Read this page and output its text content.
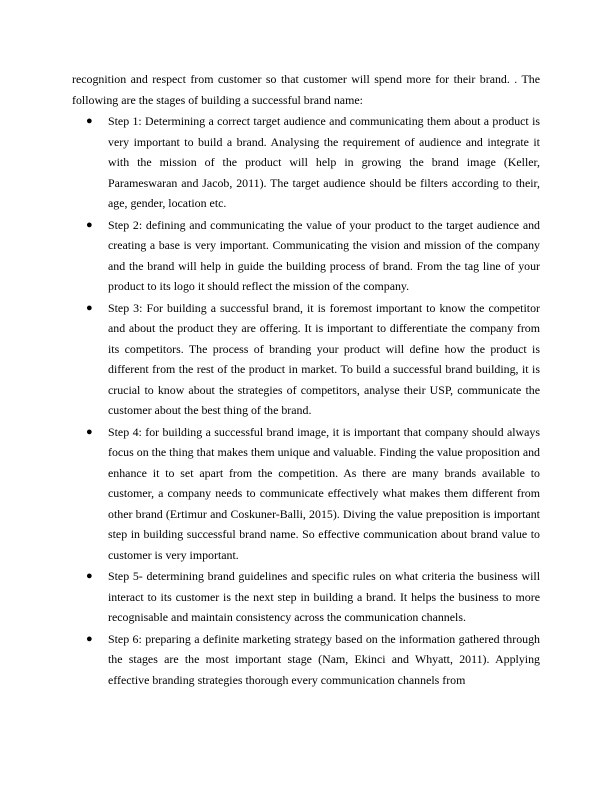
recognition and respect from customer so that customer will spend more for their brand. . The following are the stages of building a successful brand name:

● Step 1: Determining a correct target audience and communicating them about a product is very important to build a brand. Analysing the requirement of audience and integrate it with the mission of the product will help in growing the brand image (Keller, Parameswaran and Jacob, 2011). The target audience should be filters according to their, age, gender, location etc.
● Step 2: defining and communicating the value of your product to the target audience and creating a base is very important. Communicating the vision and mission of the company and the brand will help in guide the building process of brand. From the tag line of your product to its logo it should reflect the mission of the company.
● Step 3: For building a successful brand, it is foremost important to know the competitor and about the product they are offering. It is important to differentiate the company from its competitors. The process of branding your product will define how the product is different from the rest of the product in market. To build a successful brand building, it is crucial to know about the strategies of competitors, analyse their USP, communicate the customer about the best thing of the brand.
● Step 4: for building a successful brand image, it is important that company should always focus on the thing that makes them unique and valuable. Finding the value proposition and enhance it to set apart from the competition. As there are many brands available to customer, a company needs to communicate effectively what makes them different from other brand (Ertimur and Coskuner-Balli, 2015). Diving the value preposition is important step in building successful brand name. So effective communication about brand value to customer is very important.
● Step 5- determining brand guidelines and specific rules on what criteria the business will interact to its customer is the next step in building a brand. It helps the business to more recognisable and maintain consistency across the communication channels.
● Step 6: preparing a definite marketing strategy based on the information gathered through the stages are the most important stage (Nam, Ekinci and Whyatt, 2011). Applying effective branding strategies thorough every communication channels from
